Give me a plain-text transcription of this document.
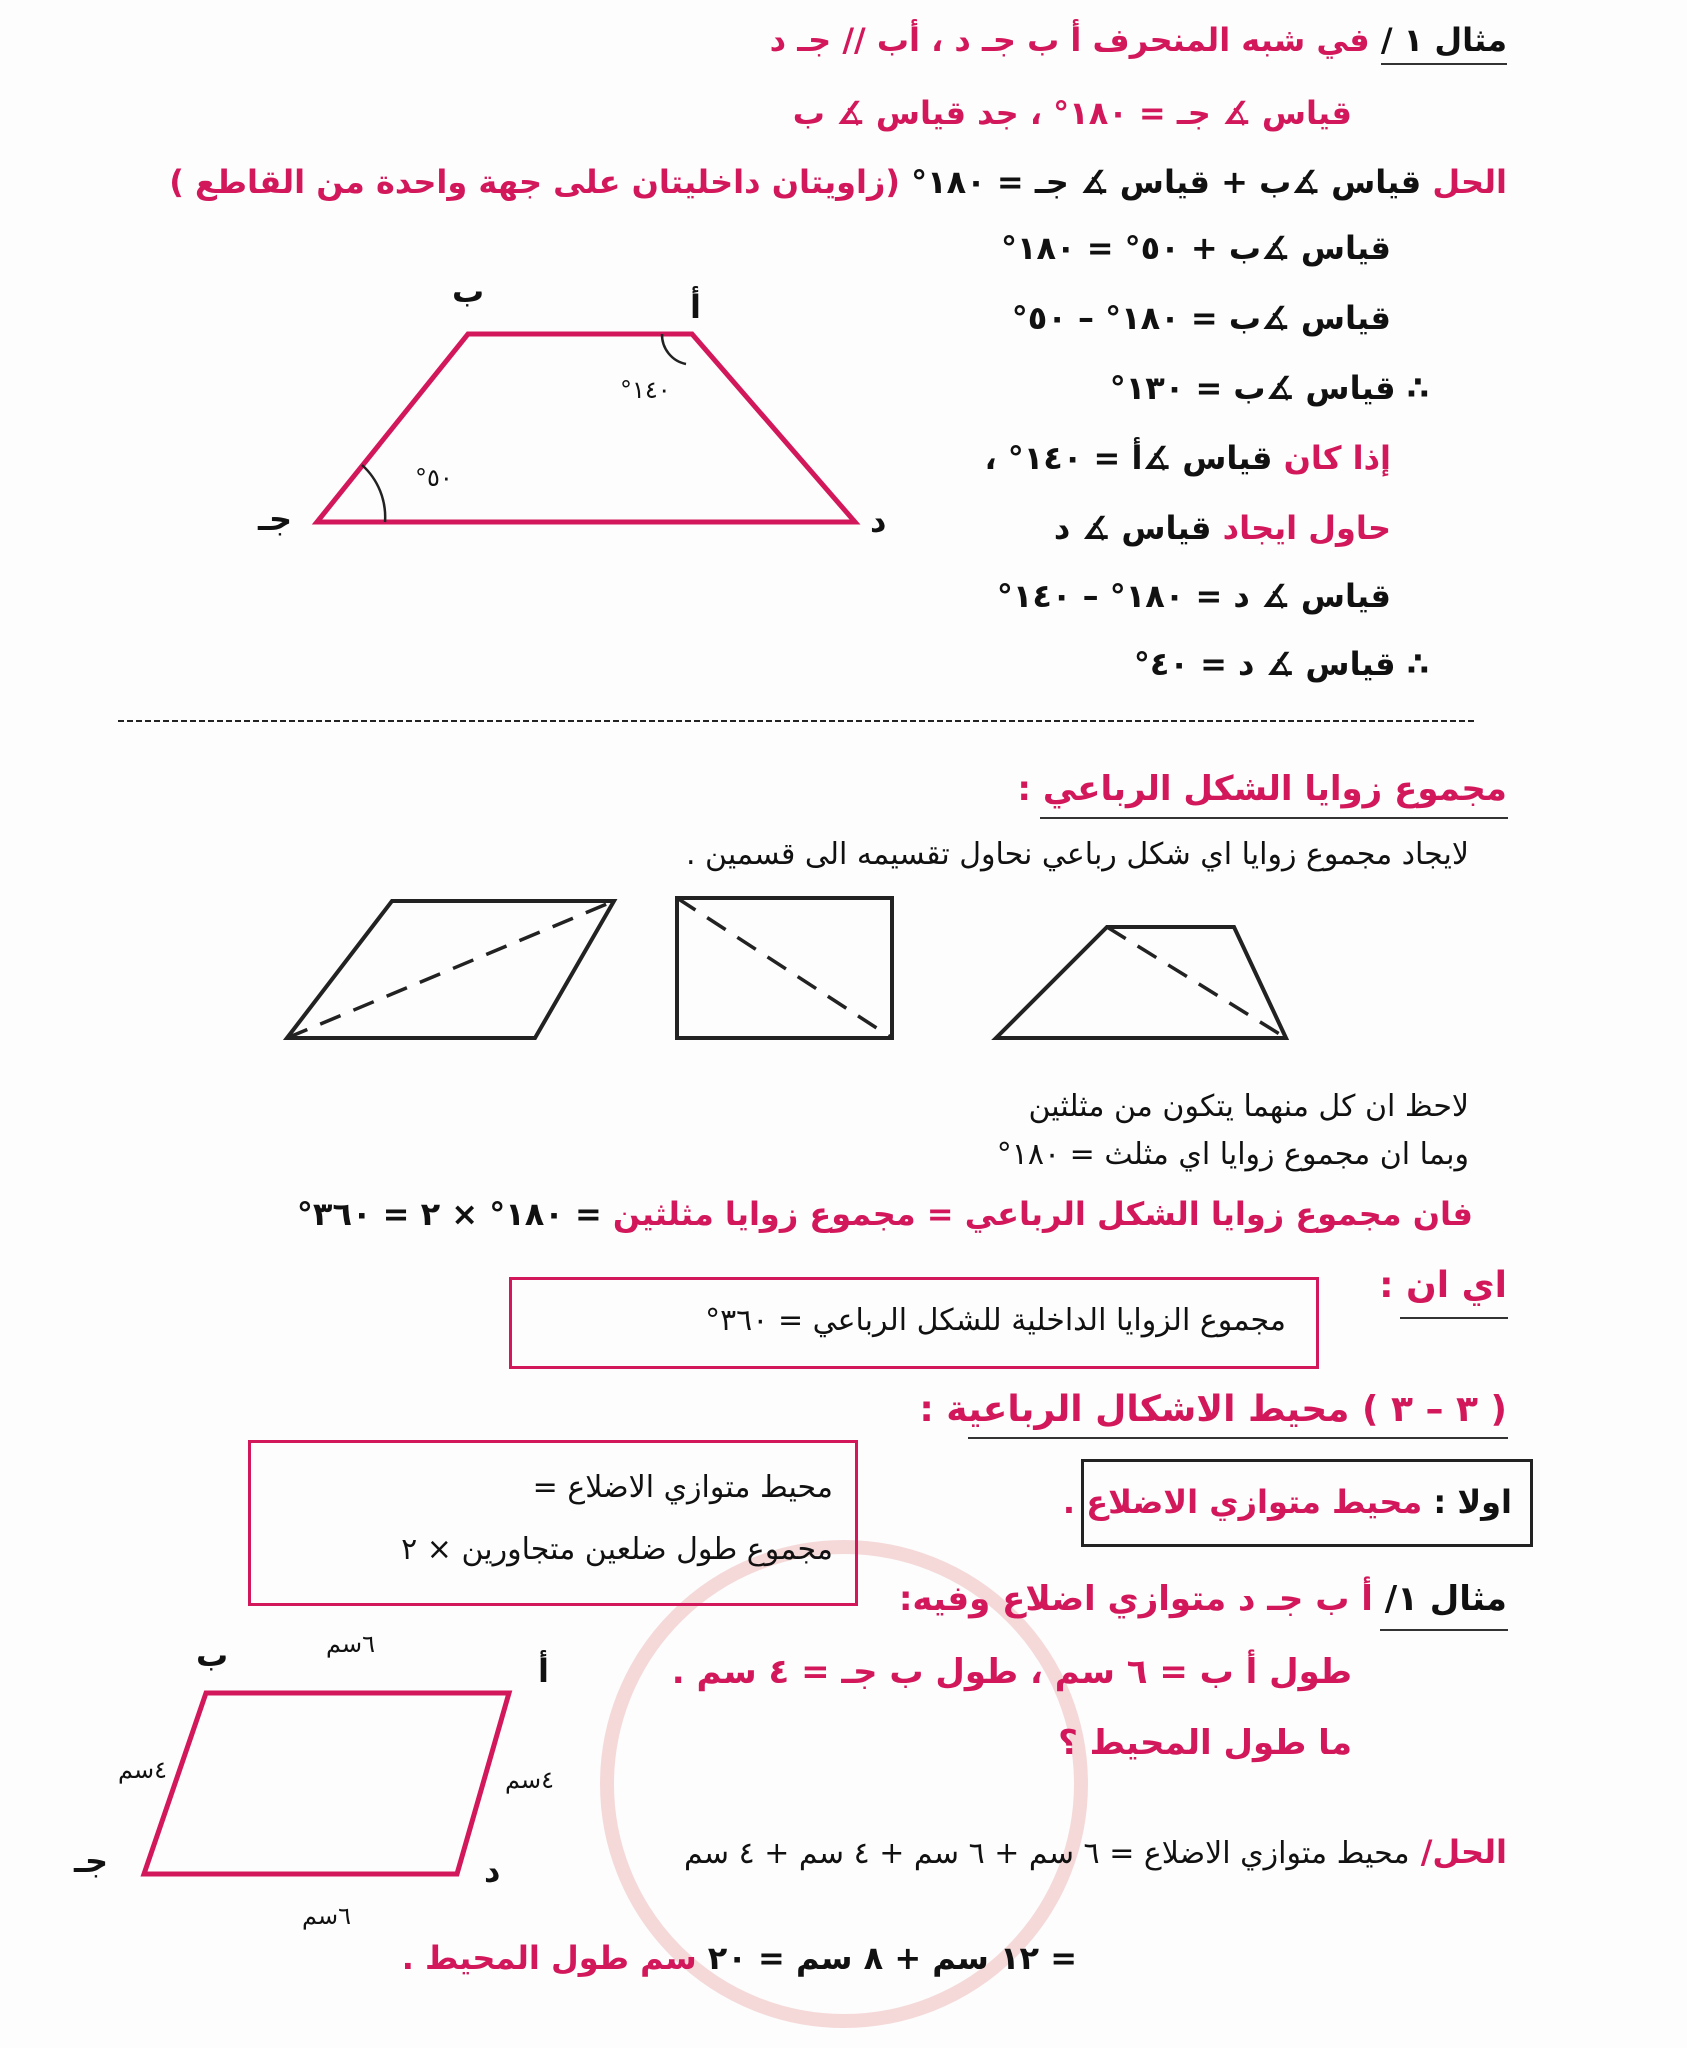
مثال ١ / في شبه المنحرف أ ب جـ د ، أب // جـ د
قياس ∡ جـ = ١٨٠° ، جد قياس ∡ ب
الحل قياس ∡ب + قياس ∡ جـ = ١٨٠° (زاويتان داخليتان على جهة واحدة من القاطع )
قياس ∡ب + ٥٠° = ١٨٠°
قياس ∡ب = ١٨٠° – ٥٠°
∴ قياس ∡ب = ١٣٠°
إذا كان قياس ∡أ = ١٤٠° ،
حاول ايجاد قياس ∡ د
قياس ∡ د = ١٨٠° – ١٤٠°
∴ قياس ∡ د = ٤٠°
ب	أ
جـ	د
١٤٠°
٥٠°
مجموع زوايا الشكل الرباعي :
لايجاد مجموع زوايا اي شكل رباعي نحاول تقسيمه الى قسمين .
لاحظ ان كل منهما يتكون من مثلثين
وبما ان مجموع زوايا اي مثلث = ١٨٠°
فان مجموع زوايا الشكل الرباعي = مجموع زوايا مثلثين = ١٨٠° × ٢ = ٣٦٠°
اي ان :
مجموع الزوايا الداخلية للشكل الرباعي = ٣٦٠°
( ٣ – ٣ ) محيط الاشكال الرباعية :
محيط متوازي الاضلاع =
مجموع طول ضلعين متجاورين × ٢
اولا : محيط متوازي الاضلاع .
مثال ١/ أ ب جـ د متوازي اضلاع وفيه:
طول أ ب = ٦ سم ، طول ب جـ = ٤ سم .
ما طول المحيط ؟
الحل/ محيط متوازي الاضلاع = ٦ سم + ٦ سم + ٤ سم + ٤ سم
= ١٢ سم + ٨ سم = ٢٠ سم طول المحيط .
ب	أ
جـ	د
٦سم
٦سم
٤سم	٤سم
